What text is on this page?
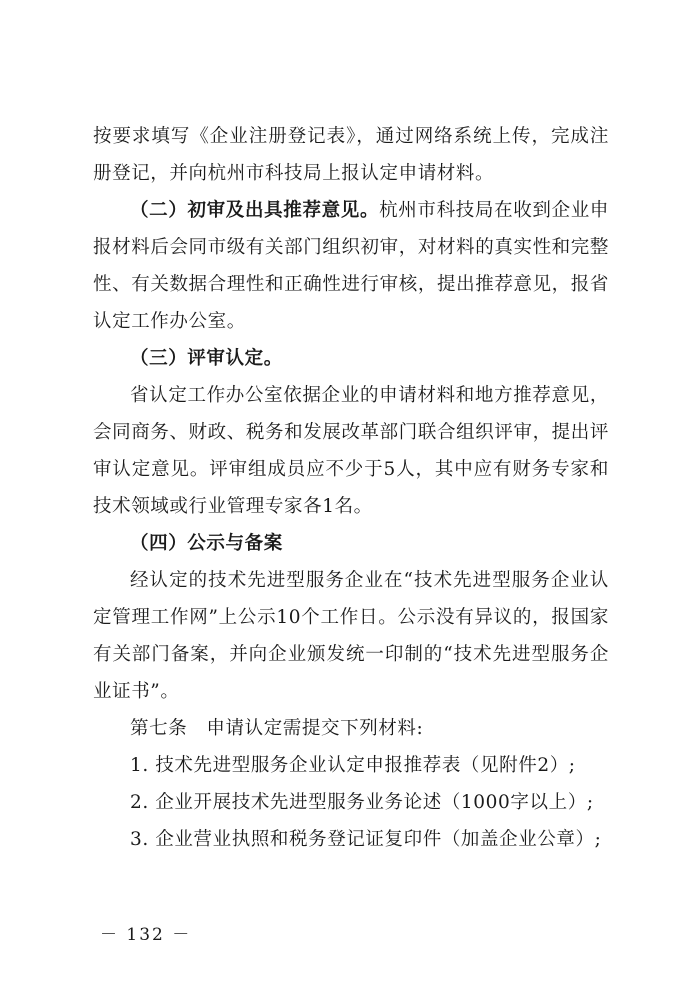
按要求填写《企业注册登记表》，通过网络系统上传，完成注册登记，并向杭州市科技局上报认定申请材料。

（二）初审及出具推荐意见。杭州市科技局在收到企业申报材料后会同市级有关部门组织初审，对材料的真实性和完整性、有关数据合理性和正确性进行审核，提出推荐意见，报省认定工作办公室。

（三）评审认定。

省认定工作办公室依据企业的申请材料和地方推荐意见，会同商务、财政、税务和发展改革部门联合组织评审，提出评审认定意见。评审组成员应不少于5人，其中应有财务专家和技术领域或行业管理专家各1名。

（四）公示与备案

经认定的技术先进型服务企业在“技术先进型服务企业认定管理工作网”上公示10个工作日。公示没有异议的，报国家有关部门备案，并向企业颁发统一印制的“技术先进型服务企业证书”。

第七条　申请认定需提交下列材料:

1. 技术先进型服务企业认定申报推荐表（见附件2）;

2. 企业开展技术先进型服务业务论述（1000字以上）;

3. 企业营业执照和税务登记证复印件（加盖企业公章）;

－ 132 －
